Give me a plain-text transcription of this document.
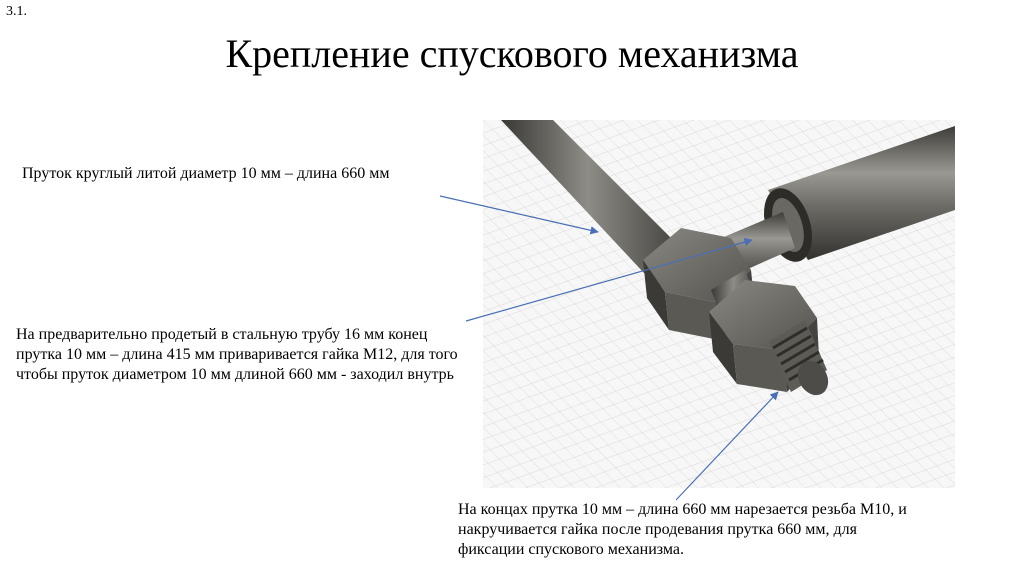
3.1.
Крепление спускового механизма
Пруток круглый литой диаметр 10 мм – длина 660 мм
На предварительно продетый в стальную трубу 16 мм конец прутка 10 мм – длина 415 мм приваривается гайка М12, для того чтобы пруток диаметром 10 мм длиной 660 мм - заходил внутрь
На концах прутка 10 мм – длина 660 мм нарезается резьба М10, и накручивается гайка после продевания прутка 660 мм, для фиксации спускового механизма.
